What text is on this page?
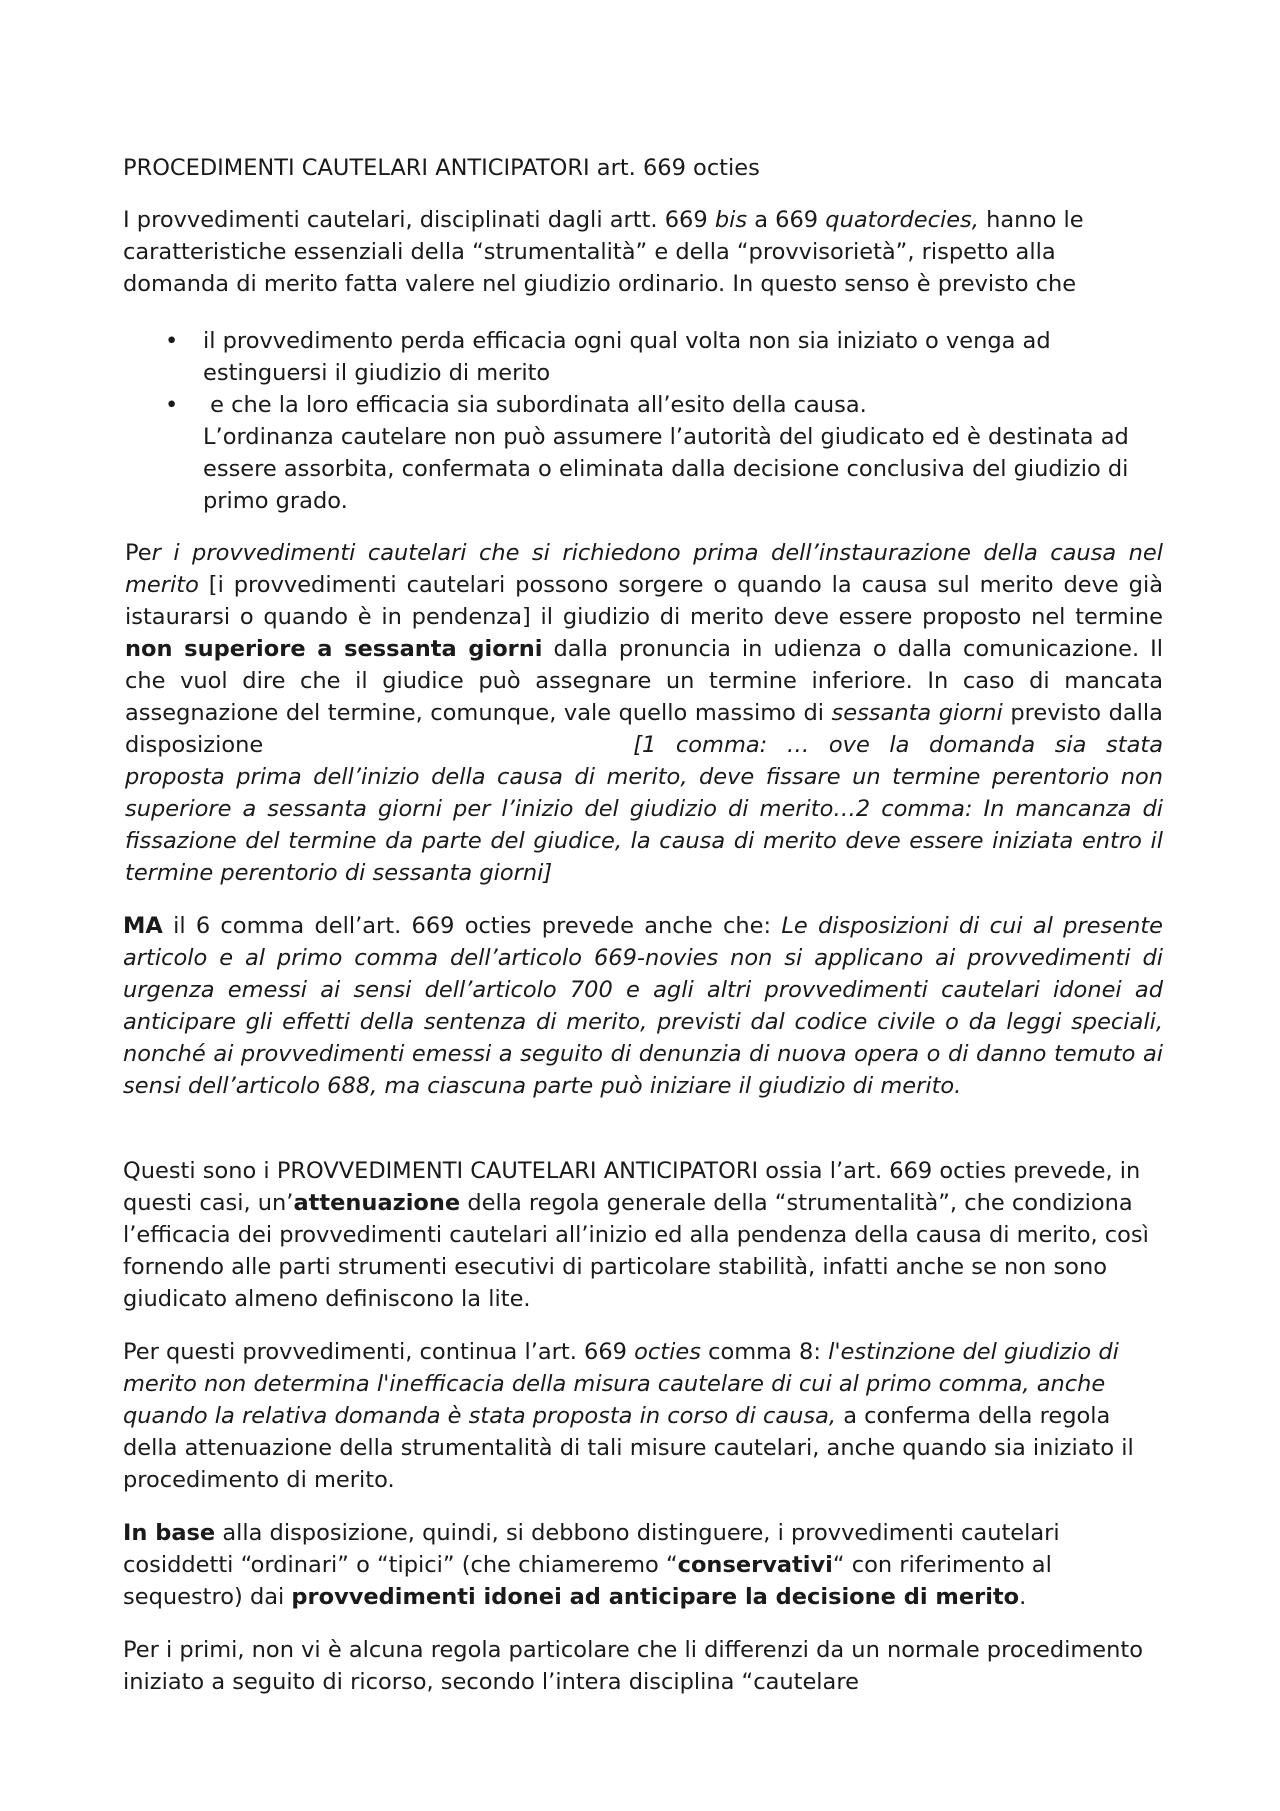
PROCEDIMENTI CAUTELARI ANTICIPATORI art. 669 octies

I provvedimenti cautelari, disciplinati dagli artt. 669 bis a 669 quatordecies, hanno le caratteristiche essenziali della “strumentalità” e della “provvisorietà”, rispetto alla domanda di merito fatta valere nel giudizio ordinario. In questo senso è previsto che

• il provvedimento perda efficacia ogni qual volta non sia iniziato o venga ad estinguersi il giudizio di merito
• e che la loro efficacia sia subordinata all’esito della causa.
L’ordinanza cautelare non può assumere l’autorità del giudicato ed è destinata ad essere assorbita, confermata o eliminata dalla decisione conclusiva del giudizio di primo grado.

Per i provvedimenti cautelari che si richiedono prima dell’instaurazione della causa nel merito [i provvedimenti cautelari possono sorgere o quando la causa sul merito deve già istaurarsi o quando è in pendenza] il giudizio di merito deve essere proposto nel termine non superiore a sessanta giorni dalla pronuncia in udienza o dalla comunicazione. Il che vuol dire che il giudice può assegnare un termine inferiore. In caso di mancata assegnazione del termine, comunque, vale quello massimo di sessanta giorni previsto dalla disposizione	[1 comma: … ove la domanda sia stata proposta prima dell’inizio della causa di merito, deve fissare un termine perentorio non superiore a sessanta giorni per l’inizio del giudizio di merito…2 comma: In mancanza di fissazione del termine da parte del giudice, la causa di merito deve essere iniziata entro il termine perentorio di sessanta giorni]

MA il 6 comma dell’art. 669 octies prevede anche che: Le disposizioni di cui al presente articolo e al primo comma dell’articolo 669-novies non si applicano ai provvedimenti di urgenza emessi ai sensi dell’articolo 700 e agli altri provvedimenti cautelari idonei ad anticipare gli effetti della sentenza di merito, previsti dal codice civile o da leggi speciali, nonché ai provvedimenti emessi a seguito di denunzia di nuova opera o di danno temuto ai sensi dell’articolo 688, ma ciascuna parte può iniziare il giudizio di merito.

Questi sono i PROVVEDIMENTI CAUTELARI ANTICIPATORI ossia l’art. 669 octies prevede, in questi casi, un’attenuazione della regola generale della “strumentalità”, che condiziona l’efficacia dei provvedimenti cautelari all’inizio ed alla pendenza della causa di merito, così fornendo alle parti strumenti esecutivi di particolare stabilità, infatti anche se non sono giudicato almeno definiscono la lite.

Per questi provvedimenti, continua l’art. 669 octies comma 8: l'estinzione del giudizio di merito non determina l'inefficacia della misura cautelare di cui al primo comma, anche quando la relativa domanda è stata proposta in corso di causa, a conferma della regola della attenuazione della strumentalità di tali misure cautelari, anche quando sia iniziato il procedimento di merito.

In base alla disposizione, quindi, si debbono distinguere, i provvedimenti cautelari cosiddetti “ordinari” o “tipici” (che chiameremo “conservativi“ con riferimento al sequestro) dai provvedimenti idonei ad anticipare la decisione di merito.

Per i primi, non vi è alcuna regola particolare che li differenzi da un normale procedimento iniziato a seguito di ricorso, secondo l’intera disciplina “cautelare
